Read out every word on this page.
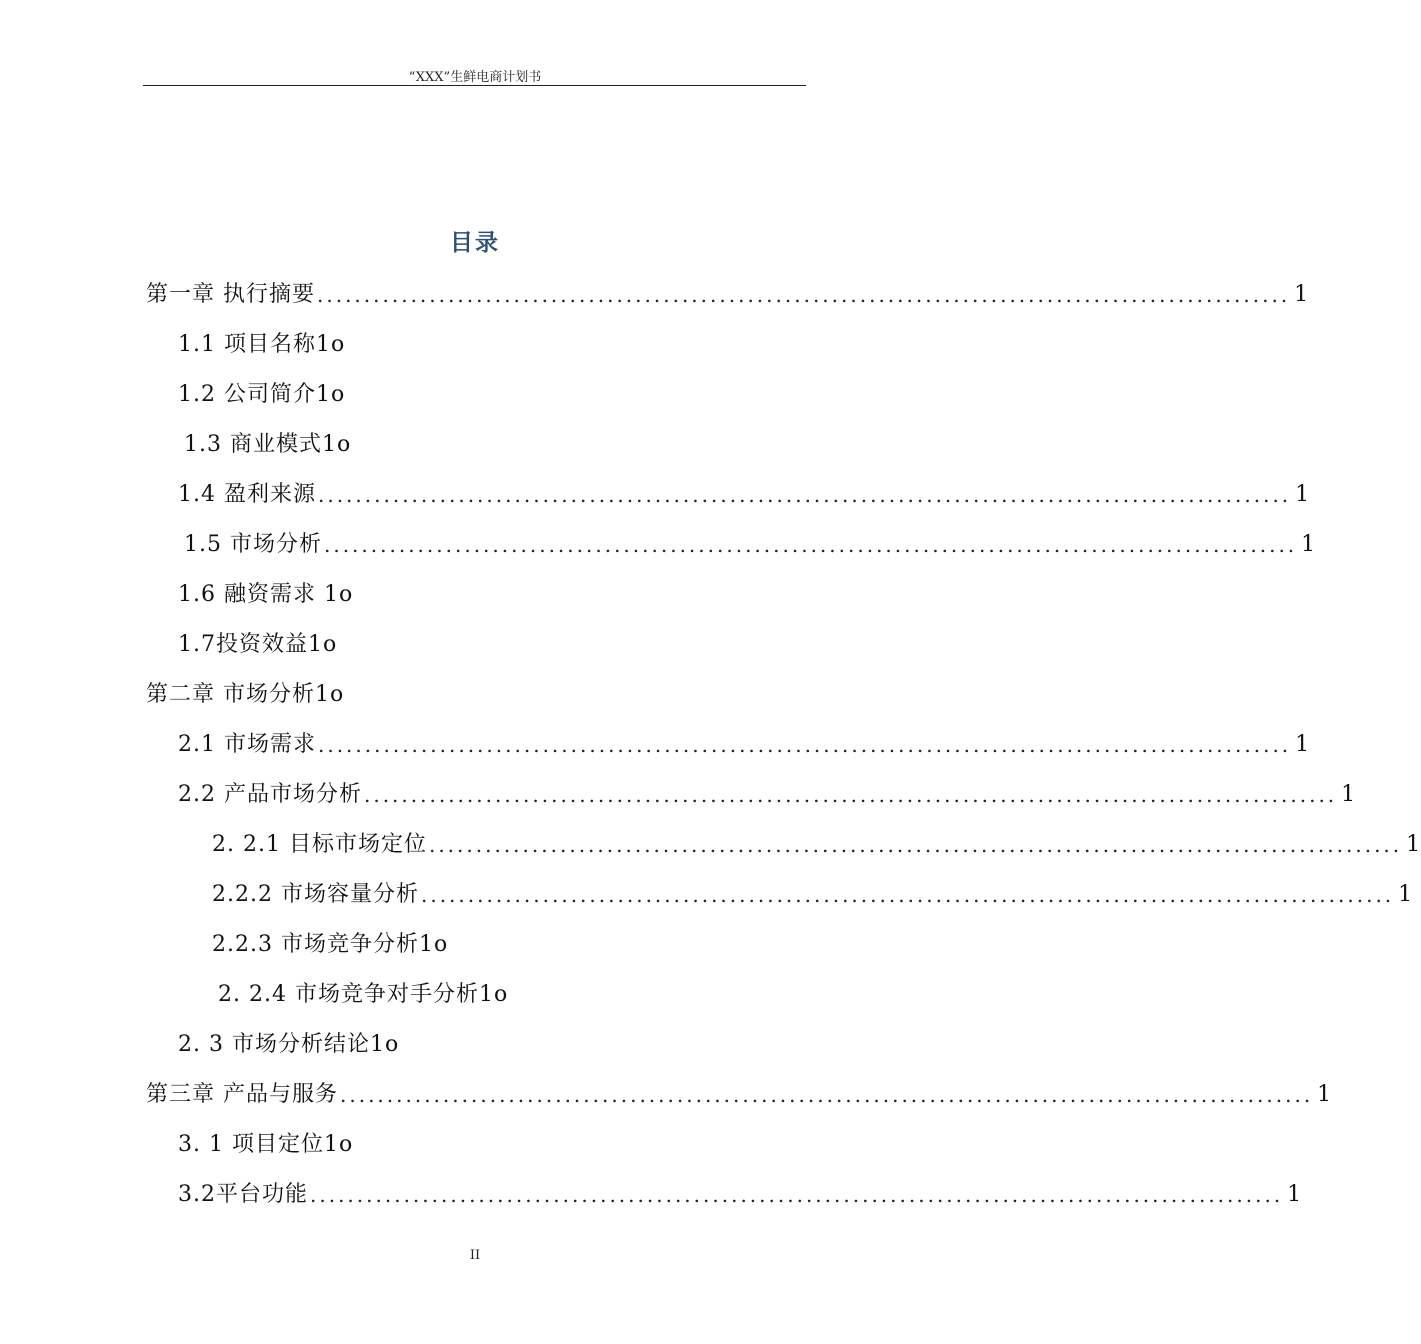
“XXX”生鲜电商计划书
目录
第一章 执行摘要 ........................................................................................................ 1
1.1 项目名称1o
1.2 公司简介1o
1.3 商业模式1o
1.4 盈利来源 ........................................................................................................ 1
1.5 市场分析 ........................................................................................................ 1
1.6 融资需求 1o
1.7投资效益1o
第二章 市场分析1o
2.1 市场需求 ........................................................................................................ 1
2.2 产品市场分析 ........................................................................................................ 1
2. 2.1 目标市场定位 ........................................................................................................ 1
2.2.2 市场容量分析 ........................................................................................................ 1
2.2.3 市场竞争分析1o
2. 2.4 市场竞争对手分析1o
2. 3 市场分析结论1o
第三章 产品与服务 ........................................................................................................ 1
3. 1 项目定位1o
3.2平台功能 ........................................................................................................ 1
II
